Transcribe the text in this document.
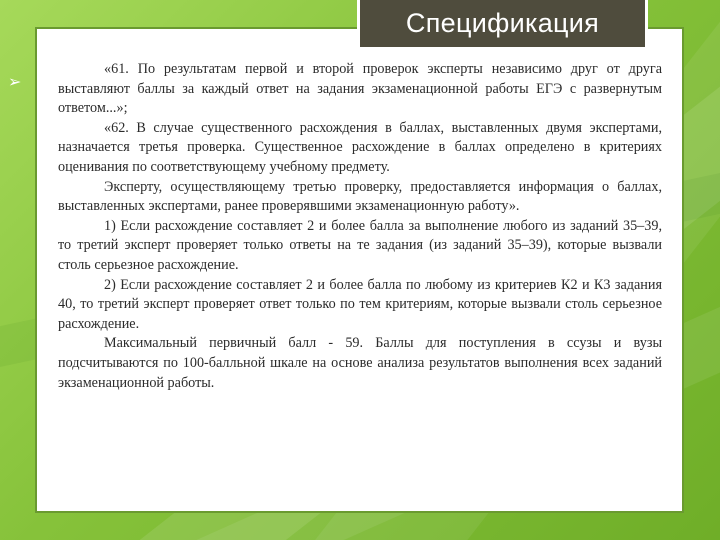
➢

«61. По результатам первой и второй проверок эксперты независимо друг от друга выставляют баллы за каждый ответ на задания экзаменационной работы ЕГЭ с развернутым ответом...»;

«62. В случае существенного расхождения в баллах, выставленных двумя экспертами, назначается третья проверка. Существенное расхождение в баллах определено в критериях оценивания по соответствующему учебному предмету.

Эксперту, осуществляющему третью проверку, предоставляется информация о баллах, выставленных экспертами, ранее проверявшими экзаменационную работу».

1) Если расхождение составляет 2 и более балла за выполнение любого из заданий 35–39, то третий эксперт проверяет только ответы на те задания (из заданий 35–39), которые вызвали столь серьезное расхождение.

2) Если расхождение составляет 2 и более балла по любому из критериев К2 и К3 задания 40, то третий эксперт проверяет ответ только по тем критериям, которые вызвали столь серьезное расхождение.

Максимальный первичный балл - 59. Баллы для поступления в ссузы и вузы подсчитываются по 100-балльной шкале на основе анализа результатов выполнения всех заданий экзаменационной работы.

Спецификация
